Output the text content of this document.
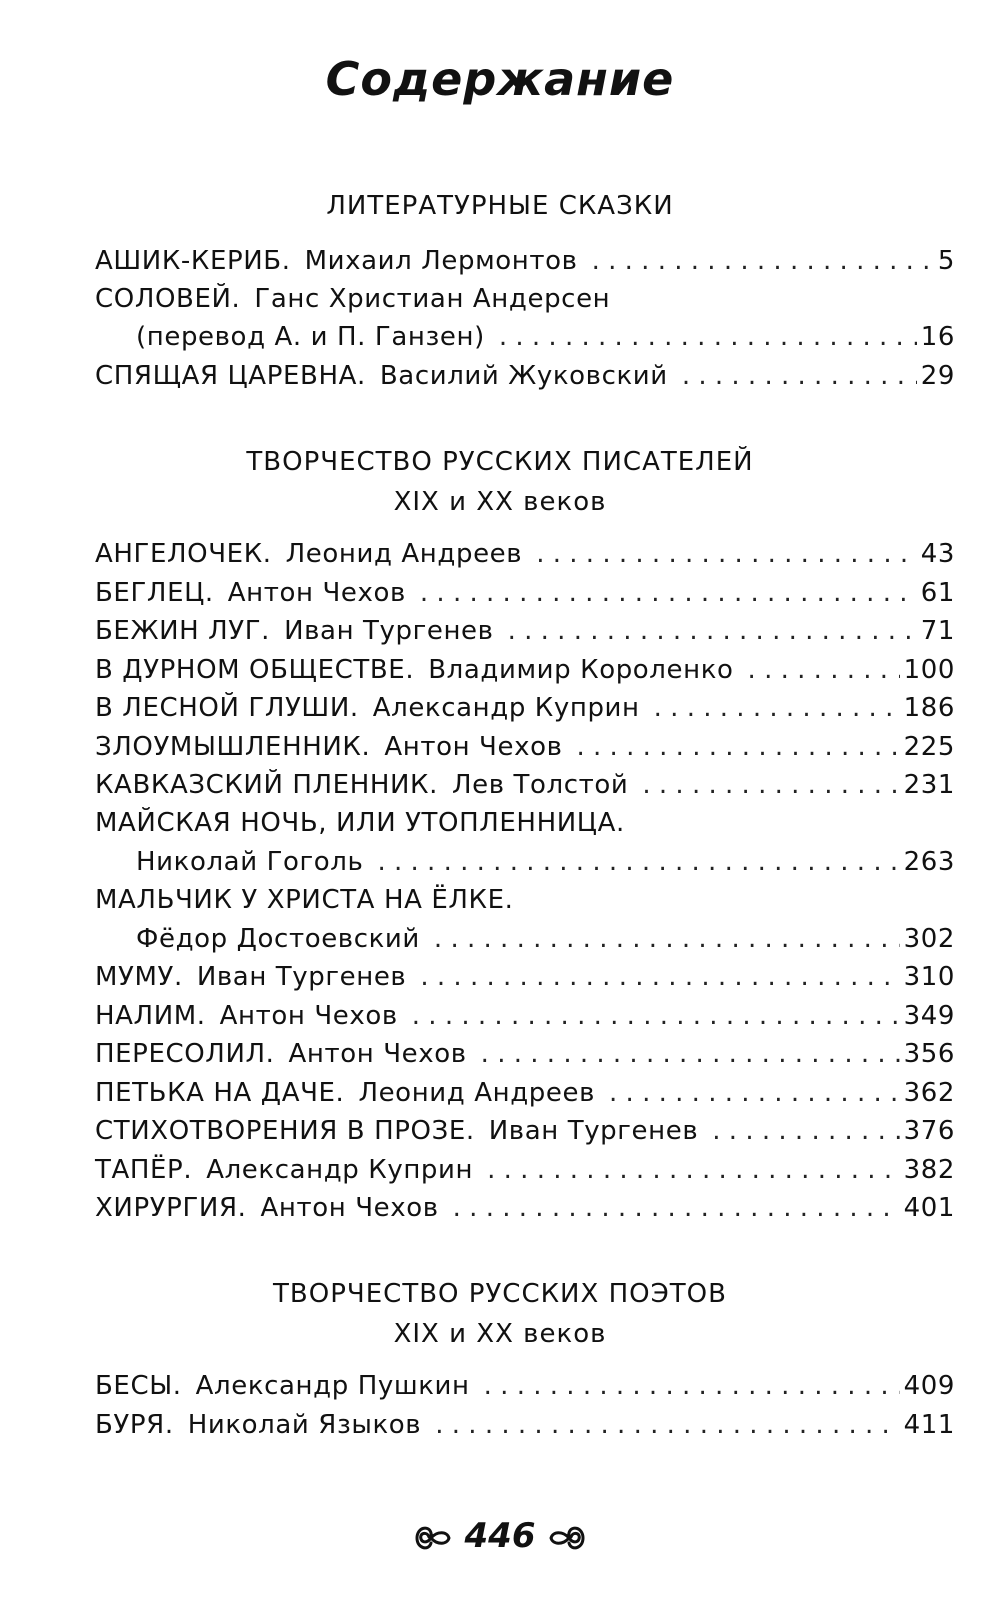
Содержание
ЛИТЕРАТУРНЫЕ СКАЗКИ
АШИК-КЕРИБ. Михаил Лермонтов . . .	5
СОЛОВЕЙ. Ганс Христиан Андерсен
(перевод А. и П. Ганзен) . . .	16
СПЯЩАЯ ЦАРЕВНА. Василий Жуковский . . .	29
ТВОРЧЕСТВО РУССКИХ ПИСАТЕЛЕЙ
XIX и XX веков
АНГЕЛОЧЕК. Леонид Андреев . . .	43
БЕГЛЕЦ. Антон Чехов . . .	61
БЕЖИН ЛУГ. Иван Тургенев . . .	71
В ДУРНОМ ОБЩЕСТВЕ. Владимир Короленко . . .	100
В ЛЕСНОЙ ГЛУШИ. Александр Куприн . . .	186
ЗЛОУМЫШЛЕННИК. Антон Чехов . . .	225
КАВКАЗСКИЙ ПЛЕННИК. Лев Толстой . . .	231
МАЙСКАЯ НОЧЬ, ИЛИ УТОПЛЕННИЦА.
Николай Гоголь . . .	263
МАЛЬЧИК У ХРИСТА НА ЁЛКЕ.
Фёдор Достоевский . . .	302
МУМУ. Иван Тургенев . . .	310
НАЛИМ. Антон Чехов . . .	349
ПЕРЕСОЛИЛ. Антон Чехов . . .	356
ПЕТЬКА НА ДАЧЕ. Леонид Андреев . . .	362
СТИХОТВОРЕНИЯ В ПРОЗЕ. Иван Тургенев . . .	376
ТАПЁР. Александр Куприн . . .	382
ХИРУРГИЯ. Антон Чехов . . .	401
ТВОРЧЕСТВО РУССКИХ ПОЭТОВ
XIX и XX веков
БЕСЫ. Александр Пушкин . . .	409
БУРЯ. Николай Языков . . .	411
446
